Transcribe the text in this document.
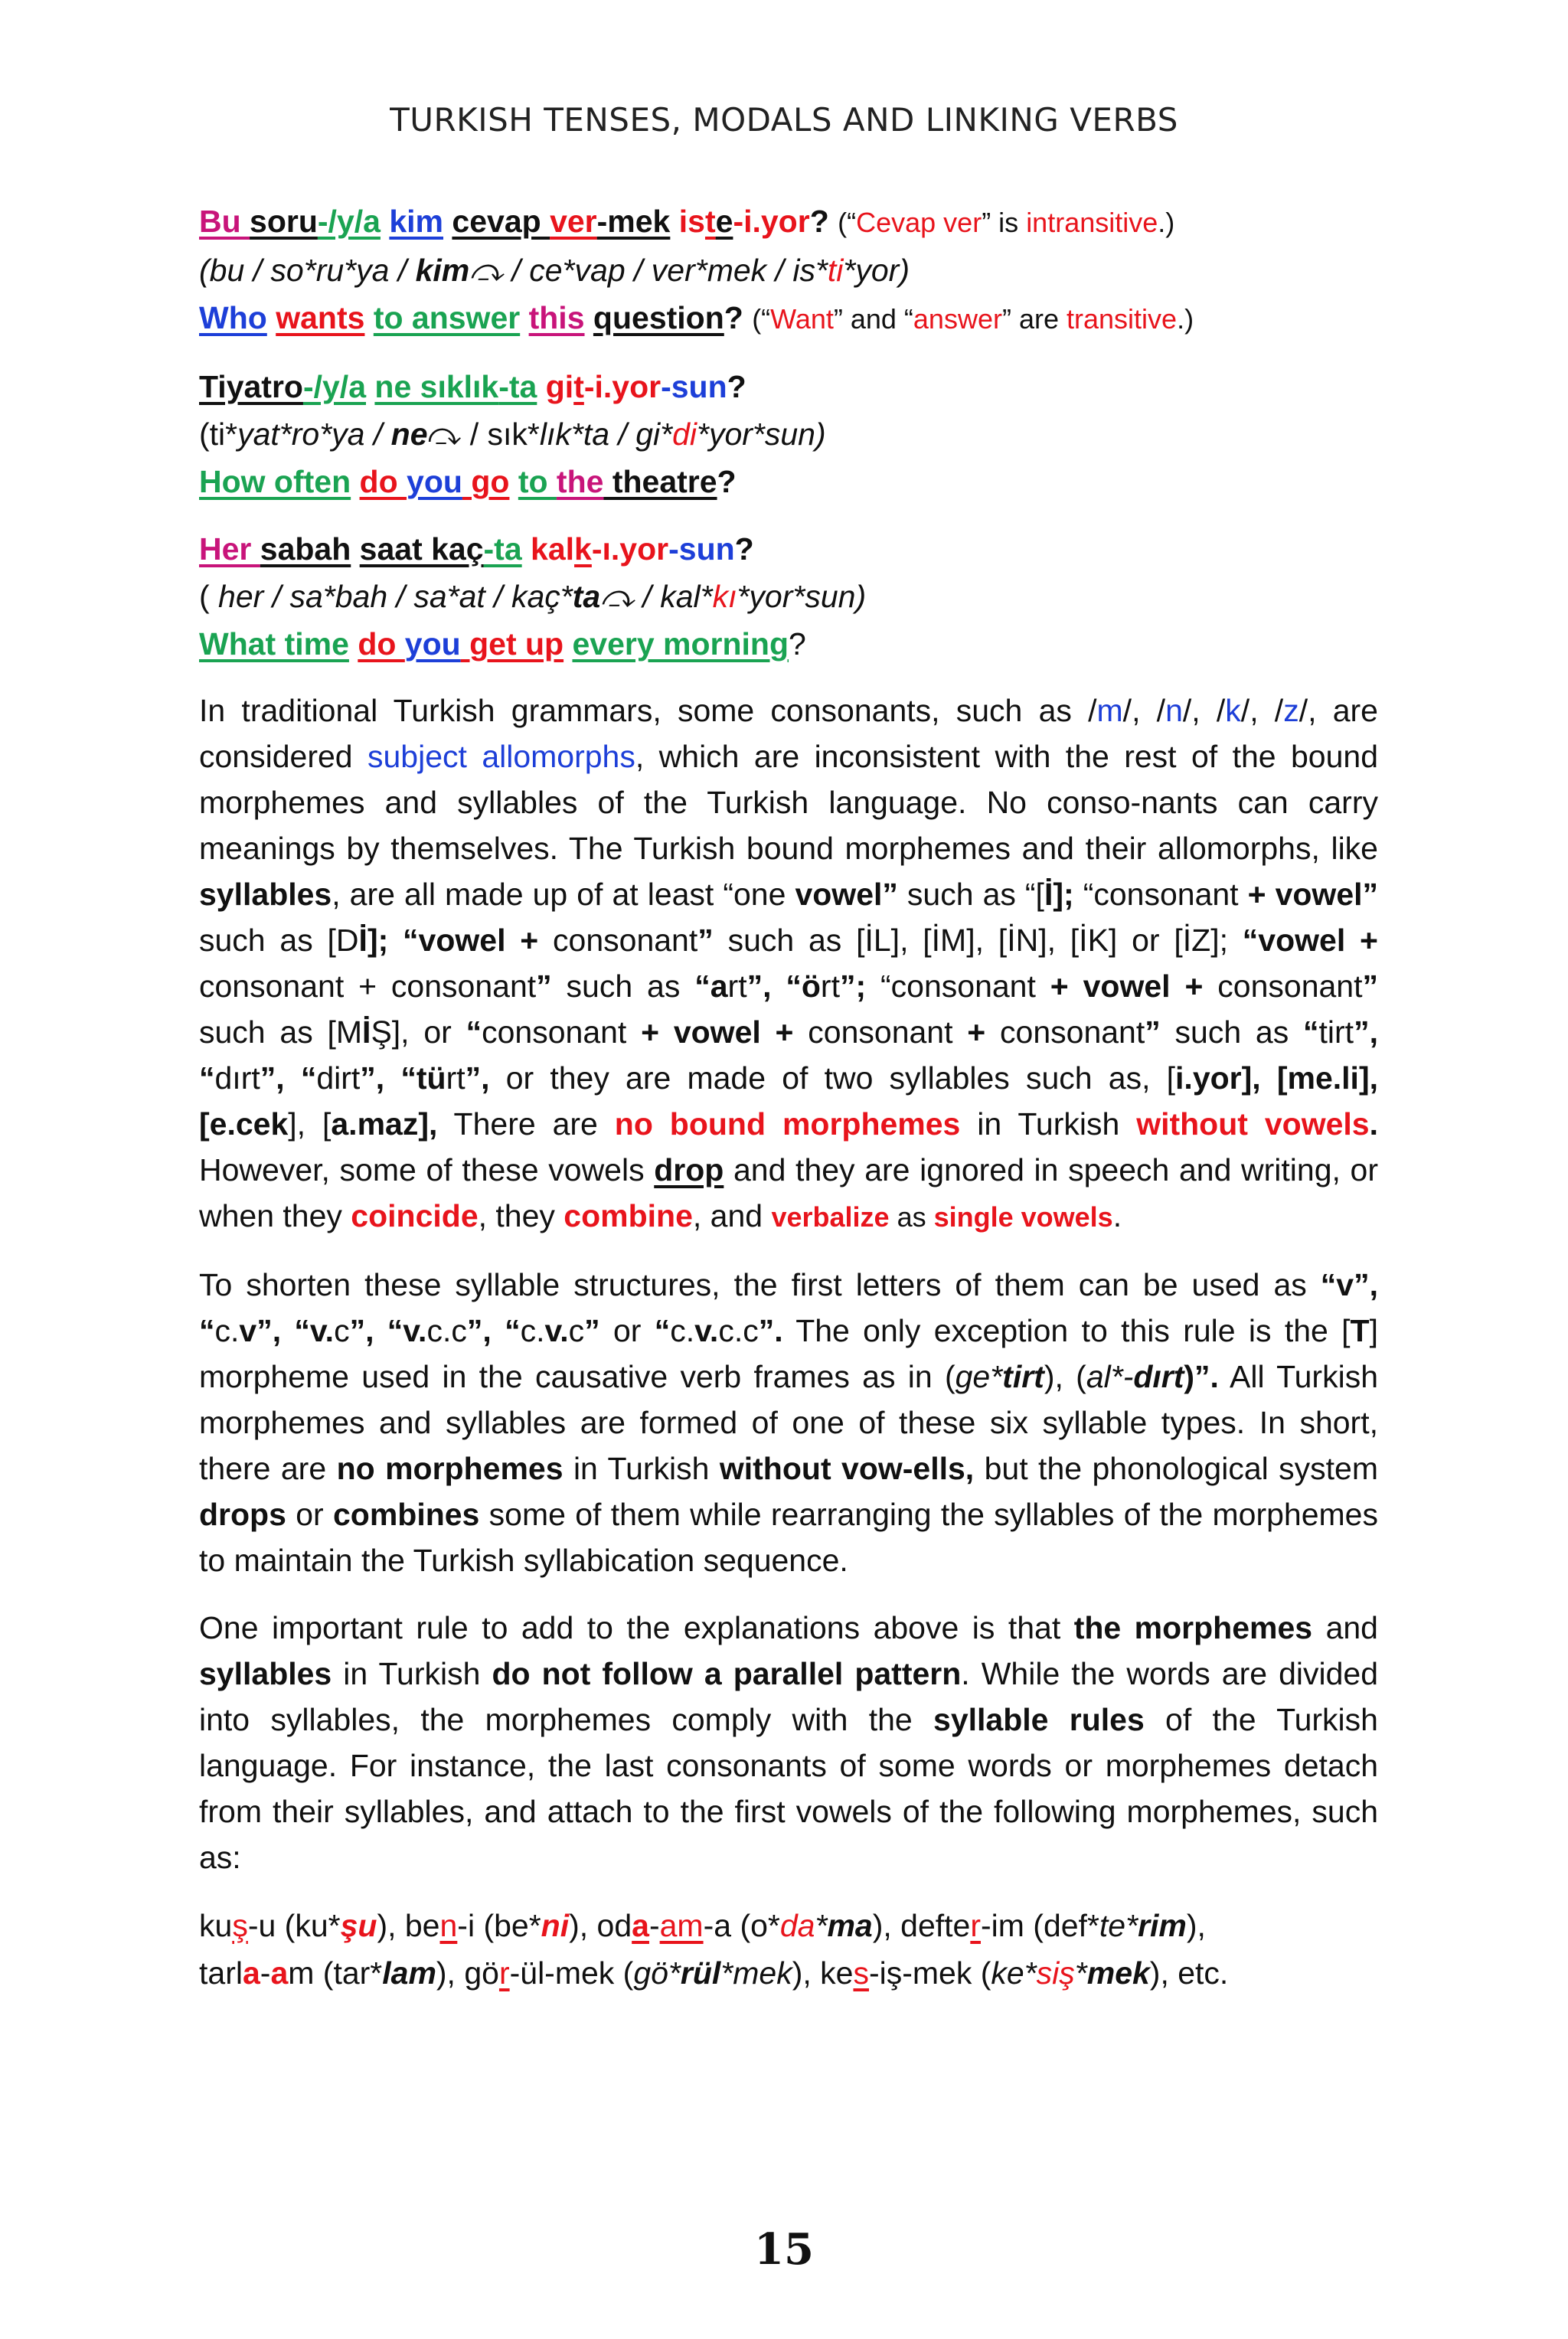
TURKISH TENSES, MODALS AND LINKING VERBS
Bu soru-/y/a kim cevap ver-mek iste-i.yor? (“Cevap ver” is intransitive.)
(bu / so*ru*ya / kim⤼ / ce*vap / ver*mek / is*ti*yor)
Who wants to answer this question? (“Want” and “answer” are transitive.)
Tiyatro-/y/a ne sıklık-ta git-i.yor-sun?
(ti*yat*ro*ya / ne⤼ / sık*lık*ta / gi*di*yor*sun)
How often do you go to the theatre?
Her sabah saat kaç-ta kalk-ı.yor-sun?
( her / sa*bah / sa*at / kaç*ta⤼ / kal*kı*yor*sun)
What time do you get up every morning?

In traditional Turkish grammars, some consonants, such as /m/, /n/, /k/, /z/, are considered subject allomorphs, which are inconsistent with the rest of the bound morphemes and syllables of the Turkish language. No conso-nants can carry meanings by themselves. The Turkish bound morphemes and their allomorphs, like syllables, are all made up of at least “one vowel” such as “[İ]; “consonant + vowel” such as [Dİ]; “vowel + consonant” such as [İL], [İM], [İN], [İK] or [İZ]; “vowel + consonant + consonant” such as “art”, “ört”; “consonant + vowel + consonant” such as [MİŞ], or “consonant + vowel + consonant + consonant” such as “tirt”, “dırt”, “dirt”, “türt”, or they are made of two syllables such as, [i.yor], [me.li], [e.cek], [a.maz], There are no bound morphemes in Turkish without vowels. However, some of these vowels drop and they are ignored in speech and writing, or when they coincide, they combine, and verbalize as single vowels.

To shorten these syllable structures, the first letters of them can be used as “v”, “c.v”, “v.c”, “v.c.c”, “c.v.c” or “c.v.c.c”. The only exception to this rule is the [T] morpheme used in the causative verb frames as in (ge*tirt), (al*-dırt)”. All Turkish morphemes and syllables are formed of one of these six syllable types. In short, there are no morphemes in Turkish without vow-ells, but the phonological system drops or combines some of them while rearranging the syllables of the morphemes to maintain the Turkish syllabication sequence.

One important rule to add to the explanations above is that the morphemes and syllables in Turkish do not follow a parallel pattern. While the words are divided into syllables, the morphemes comply with the syllable rules of the Turkish language. For instance, the last consonants of some words or morphemes detach from their syllables, and attach to the first vowels of the following morphemes, such as:

kuş-u (ku*şu), ben-i (be*ni), oda-am-a (o*da*ma), defter-im (def*te*rim),
tarla-am (tar*lam), gör-ül-mek (gö*rül*mek), kes-iş-mek (ke*siş*mek), etc.
15
